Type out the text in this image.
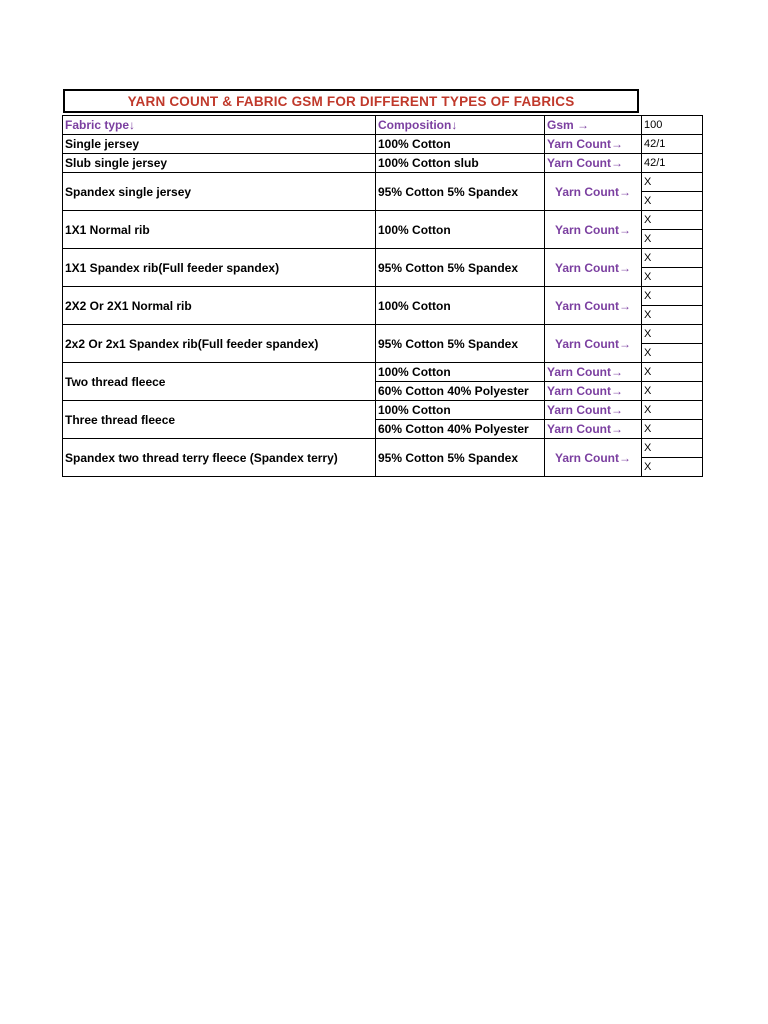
YARN COUNT & FABRIC GSM FOR DIFFERENT TYPES OF FABRICS
Fabric type↓	Composition↓	Gsm →	100
Single jersey	100% Cotton	Yarn Count→	42/1
Slub single jersey	100% Cotton slub	Yarn Count→	42/1
Spandex single jersey	95% Cotton 5% Spandex	Yarn Count→	X
			X
1X1 Normal rib	100% Cotton	Yarn Count→	X
			X
1X1 Spandex rib(Full feeder spandex)	95% Cotton 5% Spandex	Yarn Count→	X
			X
2X2 Or 2X1 Normal rib	100% Cotton	Yarn Count→	X
			X
2x2 Or 2x1 Spandex rib(Full feeder spandex)	95% Cotton 5% Spandex	Yarn Count→	X
			X
Two thread fleece	100% Cotton	Yarn Count→	X
	60% Cotton 40% Polyester	Yarn Count→	X
Three thread fleece	100% Cotton	Yarn Count→	X
	60% Cotton 40% Polyester	Yarn Count→	X
Spandex two thread terry fleece (Spandex terry)	95% Cotton 5% Spandex	Yarn Count→	X
			X
